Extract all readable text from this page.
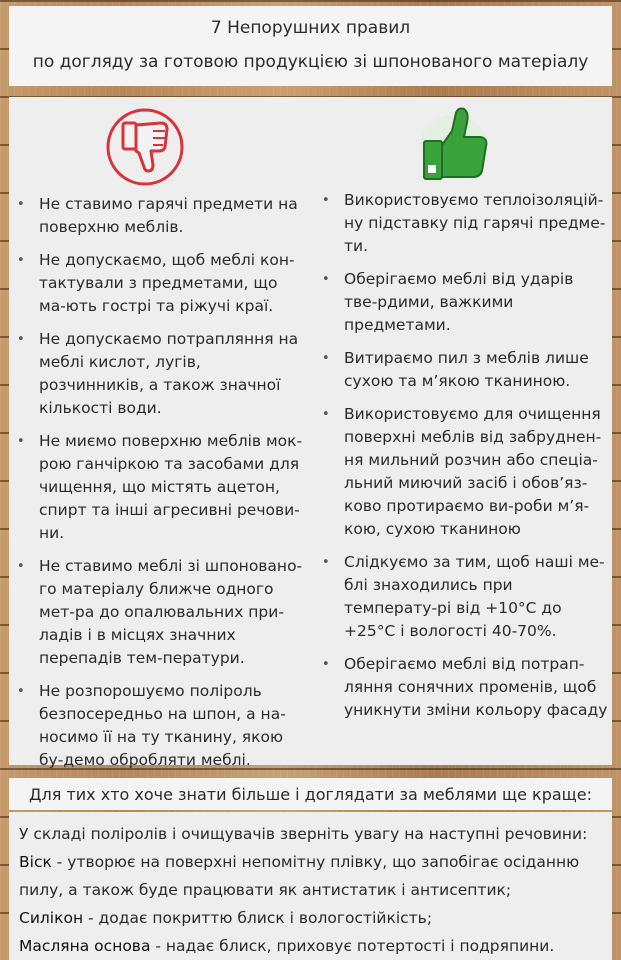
7 Непорушних правил
по догляду за готовою продукцією зі шпонованого матеріалу
• Не ставимо гарячі предмети на поверхню меблів.
• Не допускаємо, щоб меблі кон-тактували з предметами, що ма-ють гострі та ріжучі краї.
• Не допускаємо потрапляння на меблі кислот, лугів, розчинників, а також значної кількості води.
• Не миємо поверхню меблів мок-рою ганчіркою та засобами для чищення, що містять ацетон, спирт та інші агресивні речови-ни.
• Не ставимо меблі зі шпоновано-го матеріалу ближче одного мет-ра до опалювальних при-ладів і в місцях значних перепадів тем-ператури.
• Не розпорошуємо поліроль безпосередньо на шпон, а на-носимо її на ту тканину, якою бу-демо обробляти меблі.
• Використовуємо теплоізоляцій-ну підставку під гарячі предме-ти.
• Оберігаємо меблі від ударів тве-рдими, важкими предметами.
• Витираємо пил з меблів лише сухою та м’якою тканиною.
• Використовуємо для очищення поверхні меблів від забруднен-ня мильний розчин або спеціа-льний миючий засіб і обов’яз-ково протираємо ви-роби м’я-кою, сухою тканиною
• Слідкуємо за тим, щоб наші ме-блі знаходились при температу-рі від +10°С до +25°С і вологості 40-70%.
• Оберігаємо меблі від потрап-ляння сонячних променів, щоб уникнути зміни кольору фасаду
Для тих хто хоче знати більше і доглядати за меблями ще краще:
У складі поліролів і очищувачів зверніть увагу на наступні речовини:
Віск - утворює на поверхні непомітну плівку, що запобігає осіданню пилу, а також буде працювати як антистатик і антисептик;
Силікон - додає покриттю блиск і вологостійкість;
Масляна основа - надає блиск, приховує потертості і подряпини.
